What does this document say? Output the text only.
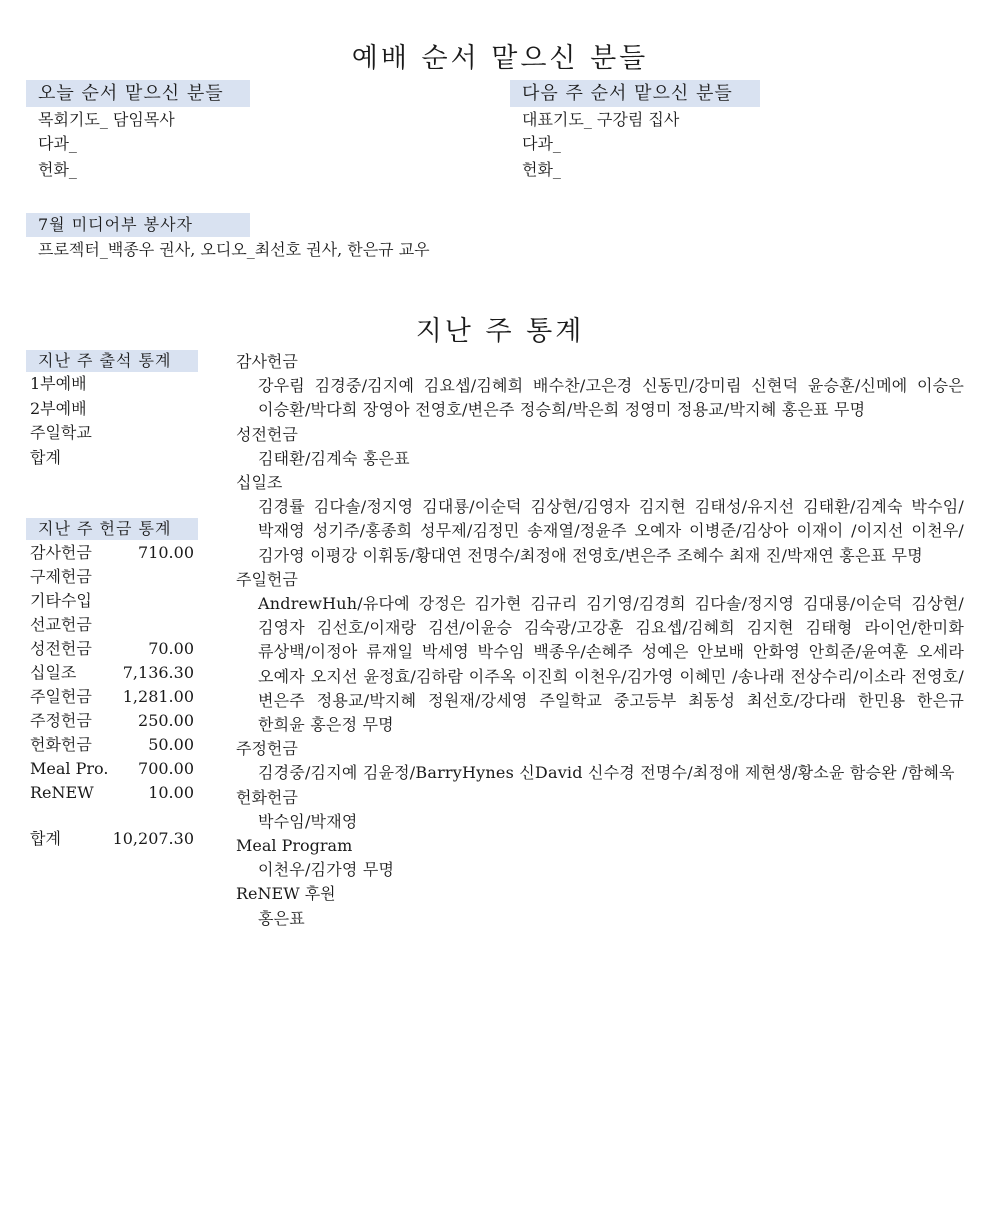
예배 순서 맡으신 분들
오늘 순서 맡으신 분들
목회기도_ 담임목사
다과_
헌화_
다음 주 순서 맡으신 분들
대표기도_ 구강림 집사
다과_
헌화_
7월 미디어부 봉사자
프로젝터_백종우 권사, 오디오_최선호 권사, 한은규 교우
지난 주 통계
지난 주 출석 통계
1부예배
2부예배
주일학교
합계
지난 주 헌금 통계
감사헌금	710.00
구제헌금
기타수입
선교헌금
성전헌금	70.00
십일조	7,136.30
주일헌금 1,281.00
주정헌금	250.00
헌화헌금	50.00
Meal Pro. 700.00
ReNEW	10.00
합계	10,207.30
감사헌금
강우림 김경중/김지예 김요셉/김혜희 배수찬/고은경 신동민/강미림 신현덕 윤승훈/신메에 이승은 이승환/박다희 장영아 전영호/변은주 정승희/박은희 정영미 정용교/박지혜 홍은표 무명
성전헌금
김태환/김계숙 홍은표
십일조
김경률 김다솔/정지영 김대룡/이순덕 김상현/김영자 김지현 김태성/유지선 김태환/김계숙 박수임/박재영 성기주/홍종희 성무제/김정민 송재열/정윤주 오예자 이병준/김상아 이재이 /이지선 이천우/김가영 이평강 이휘동/황대연 전명수/최정애 전영호/변은주 조혜수 최재 진/박재연 홍은표 무명
주일헌금
AndrewHuh/유다예 강정은 김가현 김규리 김기영/김경희 김다솔/정지영 김대룡/이순덕 김상현/김영자 김선호/이재랑 김션/이윤승 김숙광/고강훈 김요셉/김혜희 김지현 김태형 라이언/한미화 류상백/이정아 류재일 박세영 박수임 백종우/손혜주 성예은 안보배 안화영 안희준/윤여훈 오세라 오예자 오지선 윤정효/김하람 이주옥 이진희 이천우/김가영 이혜민 /송나래 전상수리/이소라 전영호/변은주 정용교/박지혜 정원재/강세영 주일학교 중고등부 최동성 최선호/강다래 한민용 한은규 한희윤 홍은정 무명
주정헌금
김경중/김지예 김윤정/BarryHynes 신David 신수경 전명수/최정애 제현생/황소윤 함승완 /함혜욱
헌화헌금
박수임/박재영
Meal Program
이천우/김가영 무명
ReNEW 후원
홍은표
